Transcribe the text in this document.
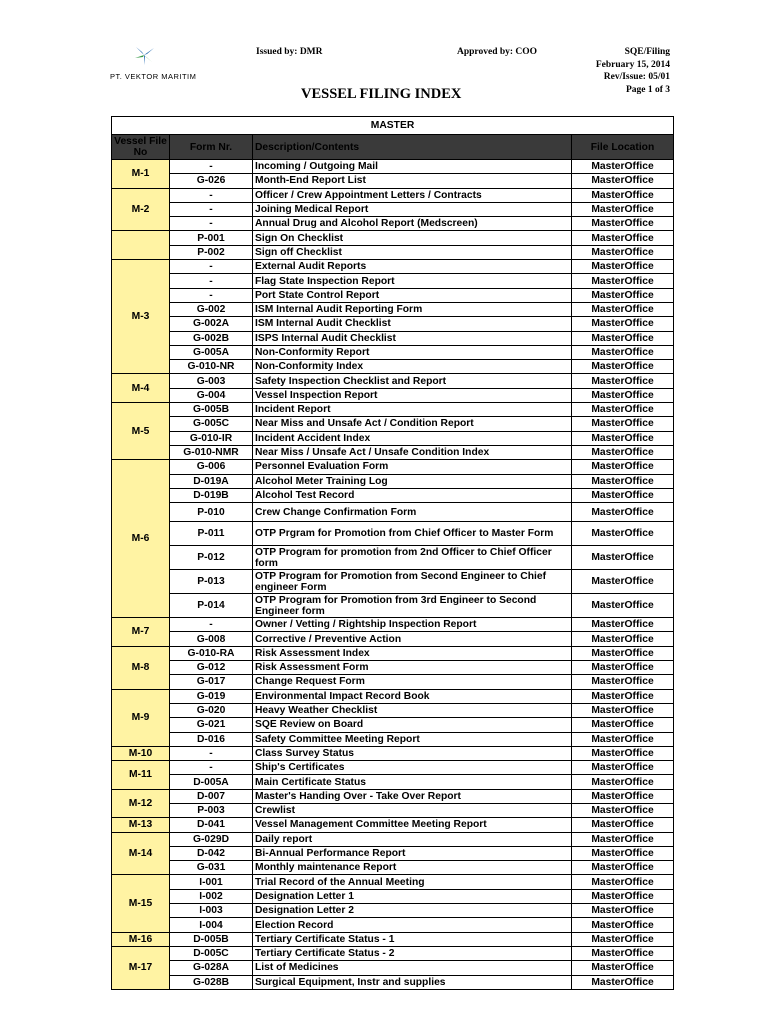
PT. VEKTOR MARITIM
Issued by: DMR	Approved by: COO	SQE/Filing
February 15, 2014
Rev/Issue: 05/01
Page 1 of 3
VESSEL FILING INDEX
MASTER			
Vessel File No	Form Nr.	Description/Contents	File Location
M-1	-	Incoming / Outgoing Mail	MasterOffice
	G-026	Month-End Report List	MasterOffice
M-2	-	Officer / Crew Appointment Letters / Contracts	MasterOffice
	-	Joining Medical Report	MasterOffice
	-	Annual Drug and Alcohol Report (Medscreen)	MasterOffice
	P-001	Sign On Checklist	MasterOffice
	P-002	Sign off Checklist	MasterOffice
M-3	-	External Audit Reports	MasterOffice
	-	Flag State Inspection Report	MasterOffice
	-	Port State Control Report	MasterOffice
	G-002	ISM Internal Audit Reporting Form	MasterOffice
	G-002A	ISM Internal Audit Checklist	MasterOffice
	G-002B	ISPS Internal Audit Checklist	MasterOffice
	G-005A	Non-Conformity Report	MasterOffice
	G-010-NR	Non-Conformity Index	MasterOffice
M-4	G-003	Safety Inspection Checklist and Report	MasterOffice
	G-004	Vessel Inspection Report	MasterOffice
M-5	G-005B	Incident Report	MasterOffice
	G-005C	Near Miss and Unsafe Act / Condition Report	MasterOffice
	G-010-IR	Incident Accident Index	MasterOffice
	G-010-NMR	Near Miss / Unsafe Act / Unsafe Condition Index	MasterOffice
M-6	G-006	Personnel Evaluation Form	MasterOffice
	D-019A	Alcohol Meter Training Log	MasterOffice
	D-019B	Alcohol Test Record	MasterOffice
	P-010	Crew Change Confirmation Form	MasterOffice
	P-011	OTP Prgram for Promotion from Chief Officer to Master Form	MasterOffice
	P-012	OTP Program for promotion from 2nd Officer to Chief Officer form	MasterOffice
	P-013	OTP Program for Promotion from Second Engineer to Chief engineer Form	MasterOffice
	P-014	OTP Program for Promotion from 3rd Engineer to Second Engineer form	MasterOffice
M-7	-	Owner / Vetting / Rightship Inspection Report	MasterOffice
	G-008	Corrective / Preventive Action	MasterOffice
M-8	G-010-RA	Risk Assessment Index	MasterOffice
	G-012	Risk Assessment Form	MasterOffice
	G-017	Change Request Form	MasterOffice
M-9	G-019	Environmental Impact Record Book	MasterOffice
	G-020	Heavy Weather Checklist	MasterOffice
	G-021	SQE Review on Board	MasterOffice
	D-016	Safety Committee Meeting Report	MasterOffice
M-10	-	Class Survey Status	MasterOffice
M-11	-	Ship's Certificates	MasterOffice
	D-005A	Main Certificate Status	MasterOffice
M-12	D-007	Master's Handing Over - Take Over Report	MasterOffice
	P-003	Crewlist	MasterOffice
M-13	D-041	Vessel Management Committee Meeting Report	MasterOffice
M-14	G-029D	Daily report	MasterOffice
	D-042	Bi-Annual Performance Report	MasterOffice
	G-031	Monthly maintenance Report	MasterOffice
M-15	I-001	Trial Record of the Annual Meeting	MasterOffice
	I-002	Designation Letter 1	MasterOffice
	I-003	Designation Letter 2	MasterOffice
	I-004	Election Record	MasterOffice
M-16	D-005B	Tertiary Certificate Status - 1	MasterOffice
M-17	D-005C	Tertiary Certificate Status - 2	MasterOffice
	G-028A	List of Medicines	MasterOffice
	G-028B	Surgical Equipment, Instr and supplies	MasterOffice
